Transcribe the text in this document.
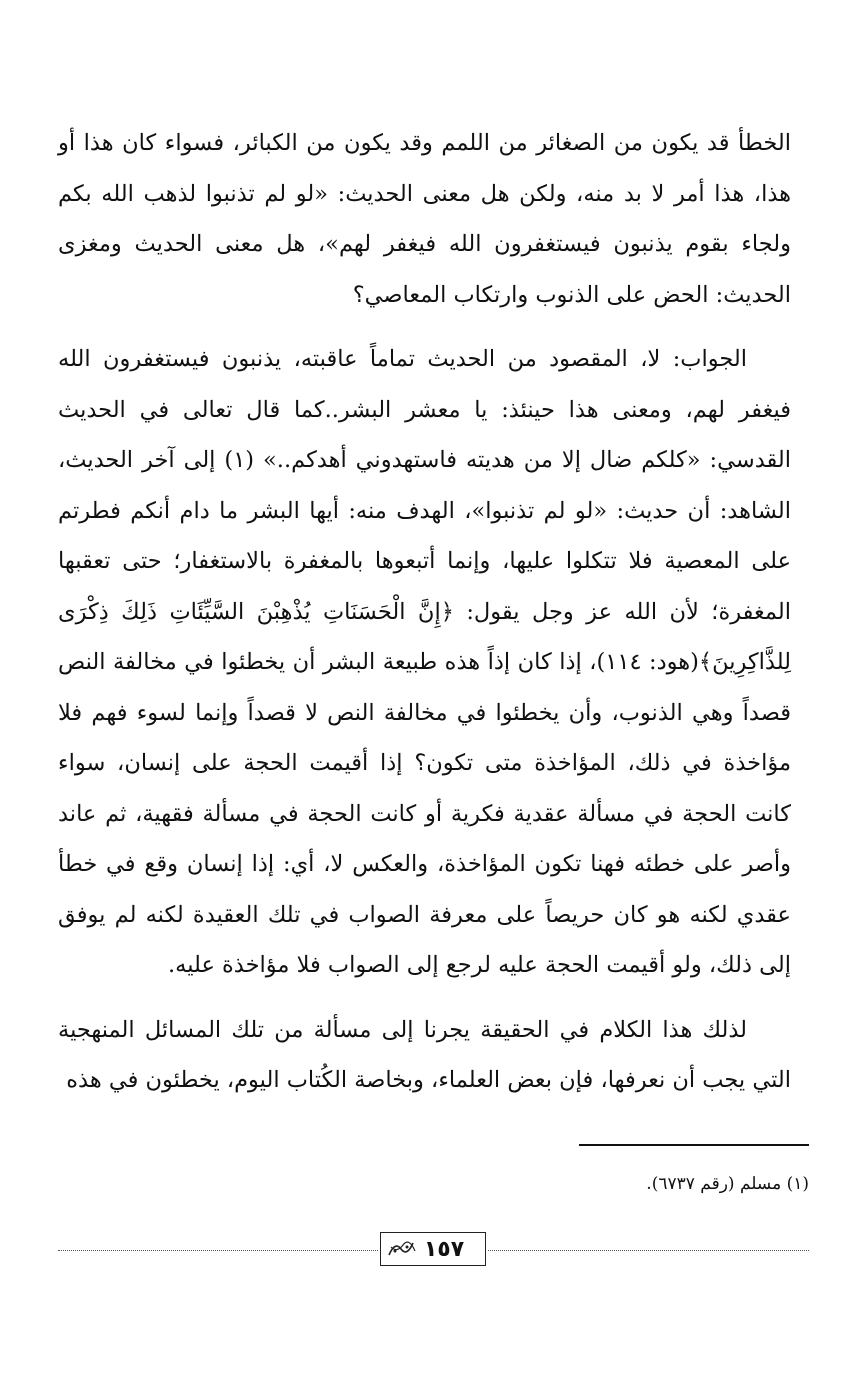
الخطأ قد يكون من الصغائر من اللمم وقد يكون من الكبائر، فسواء كان هذا أو هذا، هذا أمر لا بد منه، ولكن هل معنى الحديث: «لو لم تذنبوا لذهب الله بكم ولجاء بقوم يذنبون فيستغفرون الله فيغفر لهم»، هل معنى الحديث ومغزى الحديث: الحض على الذنوب وارتكاب المعاصي؟

الجواب: لا، المقصود من الحديث تماماً عاقبته، يذنبون فيستغفرون الله فيغفر لهم، ومعنى هذا حينئذ: يا معشر البشر..كما قال تعالى في الحديث القدسي: «كلكم ضال إلا من هديته فاستهدوني أهدكم..» (١) إلى آخر الحديث، الشاهد: أن حديث: «لو لم تذنبوا»، الهدف منه: أيها البشر ما دام أنكم فطرتم على المعصية فلا تتكلوا عليها، وإنما أتبعوها بالمغفرة بالاستغفار؛ حتى تعقبها المغفرة؛ لأن الله عز وجل يقول: ﴿إِنَّ الْحَسَنَاتِ يُذْهِبْنَ السَّيِّئَاتِ ذَلِكَ ذِكْرَى لِلذَّاكِرِينَ﴾(هود: ١١٤)، إذا كان إذاً هذه طبيعة البشر أن يخطئوا في مخالفة النص قصداً وهي الذنوب، وأن يخطئوا في مخالفة النص لا قصداً وإنما لسوء فهم فلا مؤاخذة في ذلك، المؤاخذة متى تكون؟ إذا أقيمت الحجة على إنسان، سواء كانت الحجة في مسألة عقدية فكرية أو كانت الحجة في مسألة فقهية، ثم عاند وأصر على خطئه فهنا تكون المؤاخذة، والعكس لا، أي: إذا إنسان وقع في خطأ عقدي لكنه هو كان حريصاً على معرفة الصواب في تلك العقيدة لكنه لم يوفق إلى ذلك، ولو أقيمت الحجة عليه لرجع إلى الصواب فلا مؤاخذة عليه.

لذلك هذا الكلام في الحقيقة يجرنا إلى مسألة من تلك المسائل المنهجية التي يجب أن نعرفها، فإن بعض العلماء، وبخاصة الكُتاب اليوم، يخطئون في هذه

(١) مسلم (رقم ٦٧٣٧).
١٥٧
